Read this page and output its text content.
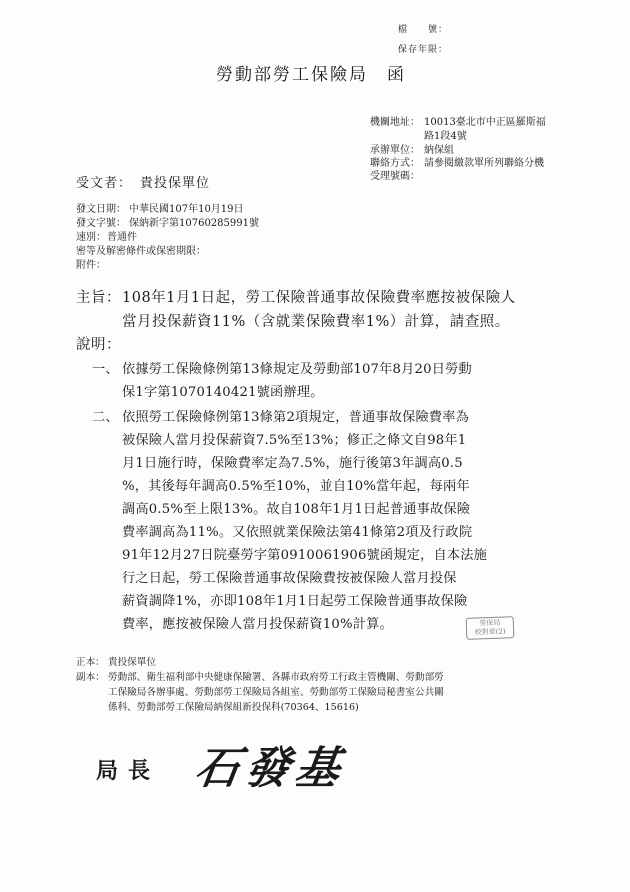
檔　　號：
保存年限：
勞動部勞工保險局　函
機關地址： 10013臺北市中正區羅斯福
路1段4號
承辦單位： 納保組
聯絡方式： 請參閱繳款單所列聯絡分機
受理號碼：
受文者： 貴投保單位
發文日期： 中華民國107年10月19日
發文字號： 保納新字第10760285991號
速別： 普通件
密等及解密條件或保密期限：
附件：
主旨： 108年1月1日起，勞工保險普通事故保險費率應按被保險人
當月投保薪資11%（含就業保險費率1%）計算，請查照。
說明：
一、 依據勞工保險條例第13條規定及勞動部107年8月20日勞動
保1字第1070140421號函辦理。
二、 依照勞工保險條例第13條第2項規定，普通事故保險費率為
被保險人當月投保薪資7.5%至13%；修正之條文自98年1
月1日施行時，保險費率定為7.5%，施行後第3年調高0.5
%，其後每年調高0.5%至10%，並自10%當年起，每兩年
調高0.5%至上限13%。故自108年1月1日起普通事故保險
費率調高為11%。又依照就業保險法第41條第2項及行政院
91年12月27日院臺勞字第0910061906號函規定，自本法施
行之日起，勞工保險普通事故保險費按被保險人當月投保
薪資調降1%，亦即108年1月1日起勞工保險普通事故保險
費率，應按被保險人當月投保薪資10%計算。	勞保局
校對章(2)
正本： 貴投保單位
副本： 勞動部、衛生福利部中央健康保險署、各縣市政府勞工行政主管機關、勞動部勞
工保險局各辦事處、勞動部勞工保險局各組室、勞動部勞工保險局秘書室公共關
係科、勞動部勞工保險局納保組新投保科(70364、15616)
局長 石發基
